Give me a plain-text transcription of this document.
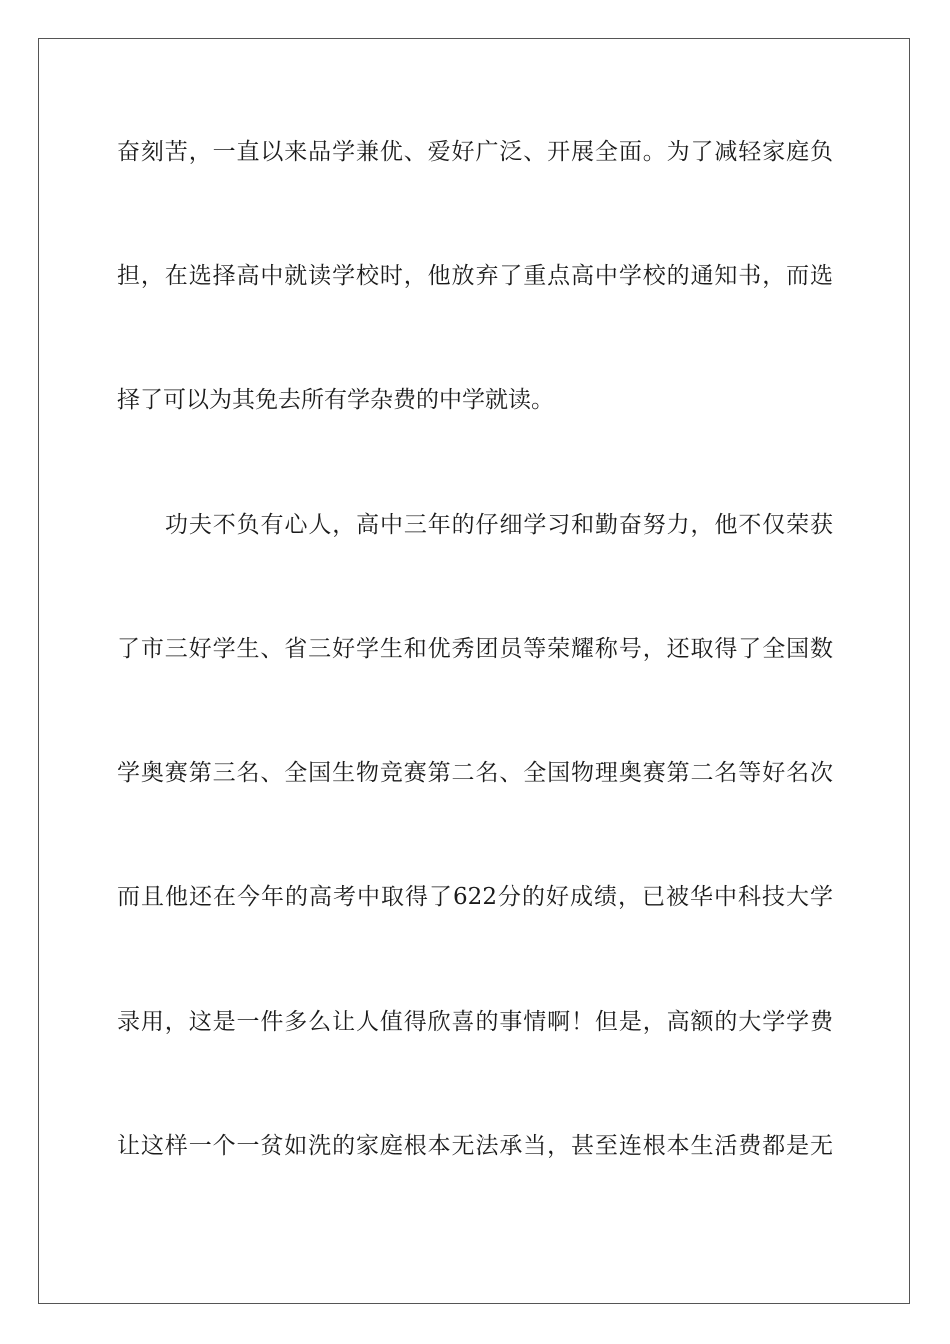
奋刻苦，一直以来品学兼优、爱好广泛、开展全面。为了减轻家庭负
担，在选择高中就读学校时，他放弃了重点高中学校的通知书，而选
择了可以为其免去所有学杂费的中学就读。
功夫不负有心人，高中三年的仔细学习和勤奋努力，他不仅荣获
了市三好学生、省三好学生和优秀团员等荣耀称号，还取得了全国数
学奥赛第三名、全国生物竞赛第二名、全国物理奥赛第二名等好名次
而且他还在今年的高考中取得了622分的好成绩，已被华中科技大学
录用，这是一件多么让人值得欣喜的事情啊！但是，高额的大学学费
让这样一个一贫如洗的家庭根本无法承当，甚至连根本生活费都是无
